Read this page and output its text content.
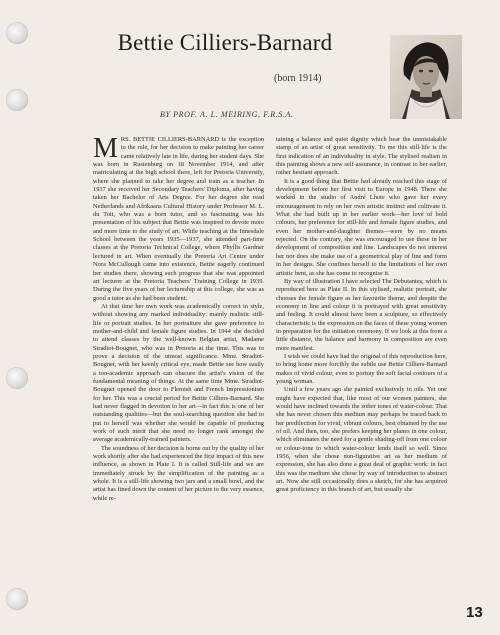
Bettie Cilliers-Barnard
(born 1914)
BY PROF. A. L. MEIRING, F.R.S.A.

MRS. BETTIE CILLIERS-BARNARD is the exception to the rule, for her decision to make painting her career came relatively late in life, during her student days. She was born in Rustenburg on 18 November 1914, and after matriculating at the high school there, left for Pretoria University, where she planned to take her degree and train as a teacher. In 1937 she received her Secondary Teachers' Diploma, after having taken her Bachelor of Arts Degree. For her degree she read Netherlands and Afrikaans Cultural History under Professor M. L. du Toit, who was a born tutor, and so fascinating was his presentation of his subject that Bettie was inspired to devote more and more time to the study of art. While teaching at the Innesdale School between the years 1935—1937, she attended part-time classes at the Pretoria Technical College, where Phyllis Gardner lectured in art. When eventually the Pretoria Art Centre under Nora McCullough came into existence, Bettie eagerly continued her studies there, showing such progress that she was appointed art lecturer at the Pretoria Teachers' Training College in 1939. During the five years of her lectureship at this college, she was as good a tutor as she had been student.

At that time her own work was academically correct in style, without showing any marked individuality: mainly realistic still-life or portrait studies. In her portraiture she gave preference to mother-and-child and female figure studies. In 1944 she decided to attend classes by the well-known Belgian artist, Madame Stradiot-Bougnet, who was in Pretoria at the time. This was to prove a decision of the utmost significance. Mme. Stradiot-Bougnet, with her keenly critical eye, made Bettie see how easily a too-academic approach can obscure the artist's vision of the fundamental meaning of things. At the same time Mme. Stradiot-Bougnet opened the door to Flemish and French Impressionism for her. This was a crucial period for Bettie Cilliers-Barnard. She had never flagged in devotion to her art—in fact this is one of her outstanding qualities—but the soul-searching question she had to put to herself was whether she would be capable of producing work of such merit that she need no longer rank amongst the average academically-trained painters.

The soundness of her decision is borne out by the quality of her work shortly after she had experienced the first impact of this new influence, as shown in Plate I. It is called Still-life and we are immediately struck by the simplification of the painting as a whole. It is a still-life showing two jars and a small bowl, and the artist has fined down the content of her picture to the very essence, while re-

taining a balance and quiet dignity which bear the unmistakable stamp of an artist of great sensitivity. To me this still-life is the first indication of an individuality in style. The stylised realism in this painting shows a new self-assurance, in contrast to her earlier, rather hesitant approach.

It is a good thing that Bettie had already reached this stage of development before her first visit to Europe in 1948. There she worked in the studio of André Lhote who gave her every encouragement to rely on her own artistic instinct and cultivate it. What she had built up in her earlier work—her love of bold colours, her preference for still-life and female figure studies, and even her mother-and-daughter themes—were by no means rejected. On the contrary, she was encouraged to use these in her development of composition and line. Landscapes do not interest her nor does she make use of a geometrical play of line and form in her designs. She confines herself to the limitations of her own artistic bent, as she has come to recognise it.

By way of illustration I have selected The Debutantes, which is reproduced here as Plate II. In this stylised, realistic portrait, she chooses the female figure as her favourite theme, and despite the economy in line and colour it is portrayed with great sensitivity and feeling. It could almost have been a sculpture, so effectively characteristic is the expression on the faces of these young women in preparation for the initiation ceremony. If we look at this from a little distance, the balance and harmony in composition are even more manifest.

I wish we could have had the original of this reproduction here, to bring home more forcibly the subtle use Bettie Cilliers-Barnard makes of vivid colour, even to portray the soft facial contours of a young woman.

Until a few years ago she painted exclusively in oils. Yet one might have expected that, like most of our women painters, she would have inclined towards the softer tones of water-colour. That she has never chosen this medium may perhaps be traced back to her predilection for vivid, vibrant colours, best obtained by the use of oil. And then, too, she prefers keeping her planes in one colour, which eliminates the need for a gentle shading-off from one colour or colour-tone to which water-colour lends itself so well. Since 1956, when she chose non-figurative art as her medium of expression, she has also done a great deal of graphic work: in fact this was the medium she chose by way of introduction to abstract art. Now she still occasionally does a sketch, for she has acquired great proficiency in this branch of art, but usually she

13
